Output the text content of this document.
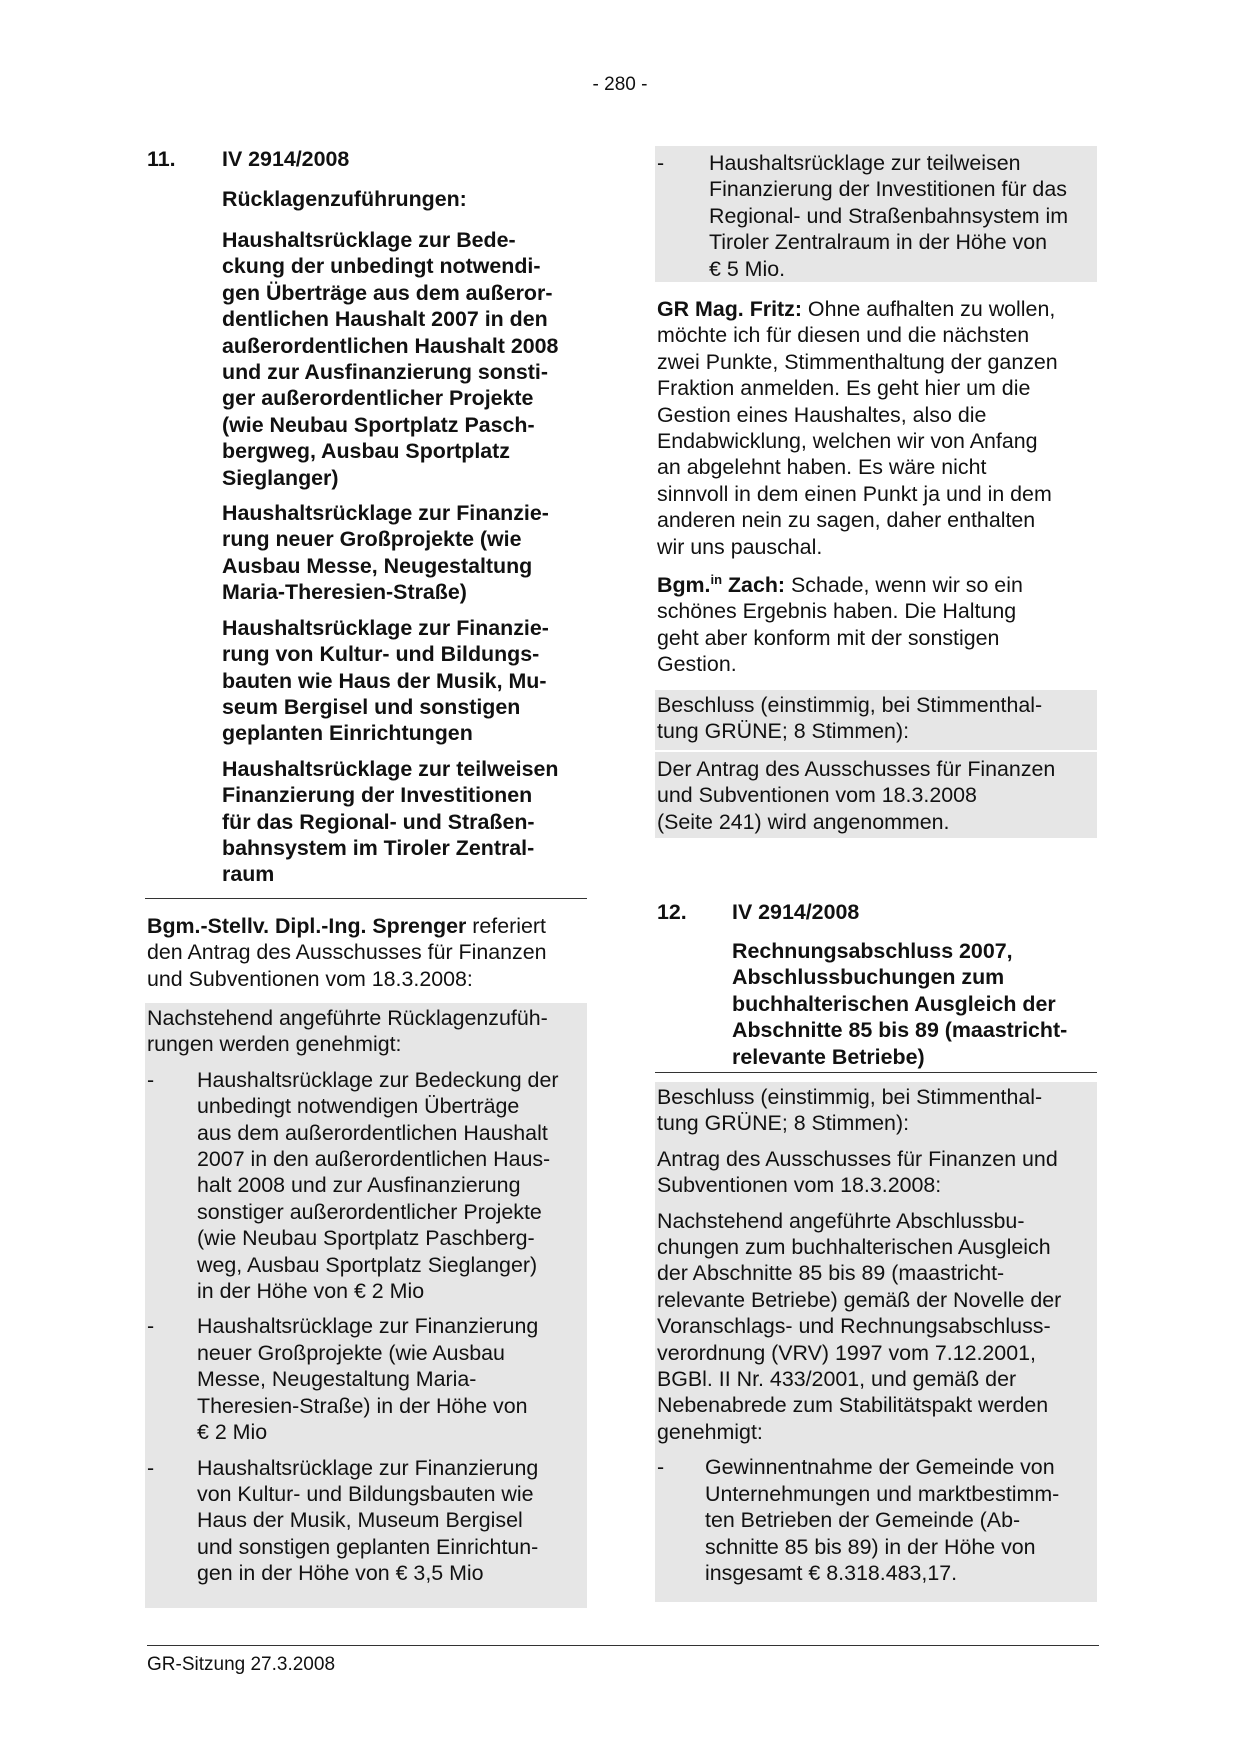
- 280 -
11. IV 2914/2008
Rücklagenzuführungen:

Haushaltsrücklage zur Bede-
ckung der unbedingt notwendi-
gen Überträge aus dem außeror-
dentlichen Haushalt 2007 in den
außerordentlichen Haushalt 2008
und zur Ausfinanzierung sonsti-
ger außerordentlicher Projekte
(wie Neubau Sportplatz Pasch-
bergweg, Ausbau Sportplatz
Sieglanger)

Haushaltsrücklage zur Finanzie-
rung neuer Großprojekte (wie
Ausbau Messe, Neugestaltung
Maria-Theresien-Straße)

Haushaltsrücklage zur Finanzie-
rung von Kultur- und Bildungs-
bauten wie Haus der Musik, Mu-
seum Bergisel und sonstigen
geplanten Einrichtungen

Haushaltsrücklage zur teilweisen
Finanzierung der Investitionen
für das Regional- und Straßen-
bahnsystem im Tiroler Zentral-
raum

Bgm.-Stellv. Dipl.-Ing. Sprenger referiert
den Antrag des Ausschusses für Finanzen
und Subventionen vom 18.3.2008:

Nachstehend angeführte Rücklagenzufüh-
rungen werden genehmigt:

- Haushaltsrücklage zur Bedeckung der
unbedingt notwendigen Überträge
aus dem außerordentlichen Haushalt
2007 in den außerordentlichen Haus-
halt 2008 und zur Ausfinanzierung
sonstiger außerordentlicher Projekte
(wie Neubau Sportplatz Paschberg-
weg, Ausbau Sportplatz Sieglanger)
in der Höhe von € 2 Mio
- Haushaltsrücklage zur Finanzierung
neuer Großprojekte (wie Ausbau
Messe, Neugestaltung Maria-
Theresien-Straße) in der Höhe von
€ 2 Mio
- Haushaltsrücklage zur Finanzierung
von Kultur- und Bildungsbauten wie
Haus der Musik, Museum Bergisel
und sonstigen geplanten Einrichtun-
gen in der Höhe von € 3,5 Mio
- Haushaltsrücklage zur teilweisen
Finanzierung der Investitionen für das
Regional- und Straßenbahnsystem im
Tiroler Zentralraum in der Höhe von
€ 5 Mio.
GR Mag. Fritz: Ohne aufhalten zu wollen,
möchte ich für diesen und die nächsten
zwei Punkte, Stimmenthaltung der ganzen
Fraktion anmelden. Es geht hier um die
Gestion eines Haushaltes, also die
Endabwicklung, welchen wir von Anfang
an abgelehnt haben. Es wäre nicht
sinnvoll in dem einen Punkt ja und in dem
anderen nein zu sagen, daher enthalten
wir uns pauschal.
Bgm.$^{in}$ Zach: Schade, wenn wir so ein
schönes Ergebnis haben. Die Haltung
geht aber konform mit der sonstigen
Gestion.

Beschluss (einstimmig, bei Stimmenthal-
tung GRÜNE; 8 Stimmen):

Der Antrag des Ausschusses für Finanzen
und Subventionen vom 18.3.2008
(Seite 241) wird angenommen.

12. IV 2914/2008
Rechnungsabschluss 2007,
Abschlussbuchungen zum
buchhalterischen Ausgleich der
Abschnitte 85 bis 89 (maastricht-
relevante Betriebe)

Beschluss (einstimmig, bei Stimmenthal-
tung GRÜNE; 8 Stimmen):

Antrag des Ausschusses für Finanzen und
Subventionen vom 18.3.2008:

Nachstehend angeführte Abschlussbu-
chungen zum buchhalterischen Ausgleich
der Abschnitte 85 bis 89 (maastricht-
relevante Betriebe) gemäß der Novelle der
Voranschlags- und Rechnungsabschluss-
verordnung (VRV) 1997 vom 7.12.2001,
BGBl. II Nr. 433/2001, und gemäß der
Nebenabrede zum Stabilitätspakt werden
genehmigt:

- Gewinnentnahme der Gemeinde von
Unternehmungen und marktbestimm-
ten Betrieben der Gemeinde (Ab-
schnitte 85 bis 89) in der Höhe von
insgesamt € 8.318.483,17.
GR-Sitzung 27.3.2008
